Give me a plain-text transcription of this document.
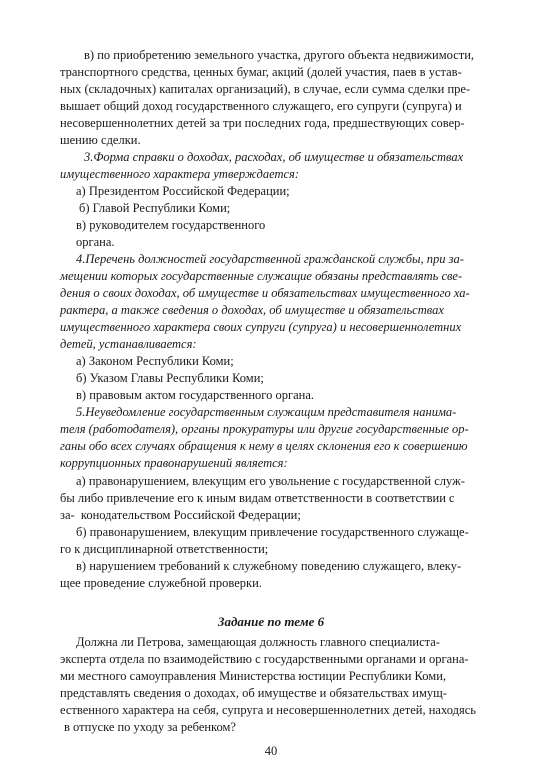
в) по приобретению земельного участка, другого объекта недвижимости,
транспортного средства, ценных бумаг, акций (долей участия, паев в устав-
ных (складочных) капиталах организаций), в случае, если сумма сделки пре-
вышает общий доход государственного служащего, его супруги (супруга) и
несовершеннолетних детей за три последних года, предшествующих совер-
шению сделки.
3.Форма справки о доходах, расходах, об имуществе и обязательствах
имущественного характера утверждается:
а) Президентом Российской Федерации;
б) Главой Республики Коми;
в) руководителем государственного
органа.
4.Перечень должностей государственной гражданской службы, при за-
мещении которых государственные служащие обязаны представлять све-
дения о своих доходах, об имуществе и обязательствах имущественного ха-
рактера, а также сведения о доходах, об имуществе и обязательствах
имущественного характера своих супруги (супруга) и несовершеннолетних
детей, устанавливается:
а) Законом Республики Коми;
б) Указом Главы Республики Коми;
в) правовым актом государственного органа.
5.Неуведомление государственным служащим представителя нанима-
теля (работодателя), органы прокуратуры или другие государственные ор-
ганы обо всех случаях обращения к нему в целях склонения его к совершению
коррупционных правонарушений является:
а) правонарушением, влекущим его увольнение с государственной служ-
бы либо привлечение его к иным видам ответственности в соответствии с
за-  конодательством Российской Федерации;
б) правонарушением, влекущим привлечение государственного служаще-
го к дисциплинарной ответственности;
в) нарушением требований к служебному поведению служащего, влеку-
щее проведение служебной проверки.
Задание по теме 6
Должна ли Петрова, замещающая должность главного специалиста-
эксперта отдела по взаимодействию с государственными органами и органа-
ми местного самоуправления Министерства юстиции Республики Коми,
представлять сведения о доходах, об имуществе и обязательствах имущ-
ественного характера на себя, супруга и несовершеннолетних детей, находясь
в отпуске по уходу за ребенком?
40
